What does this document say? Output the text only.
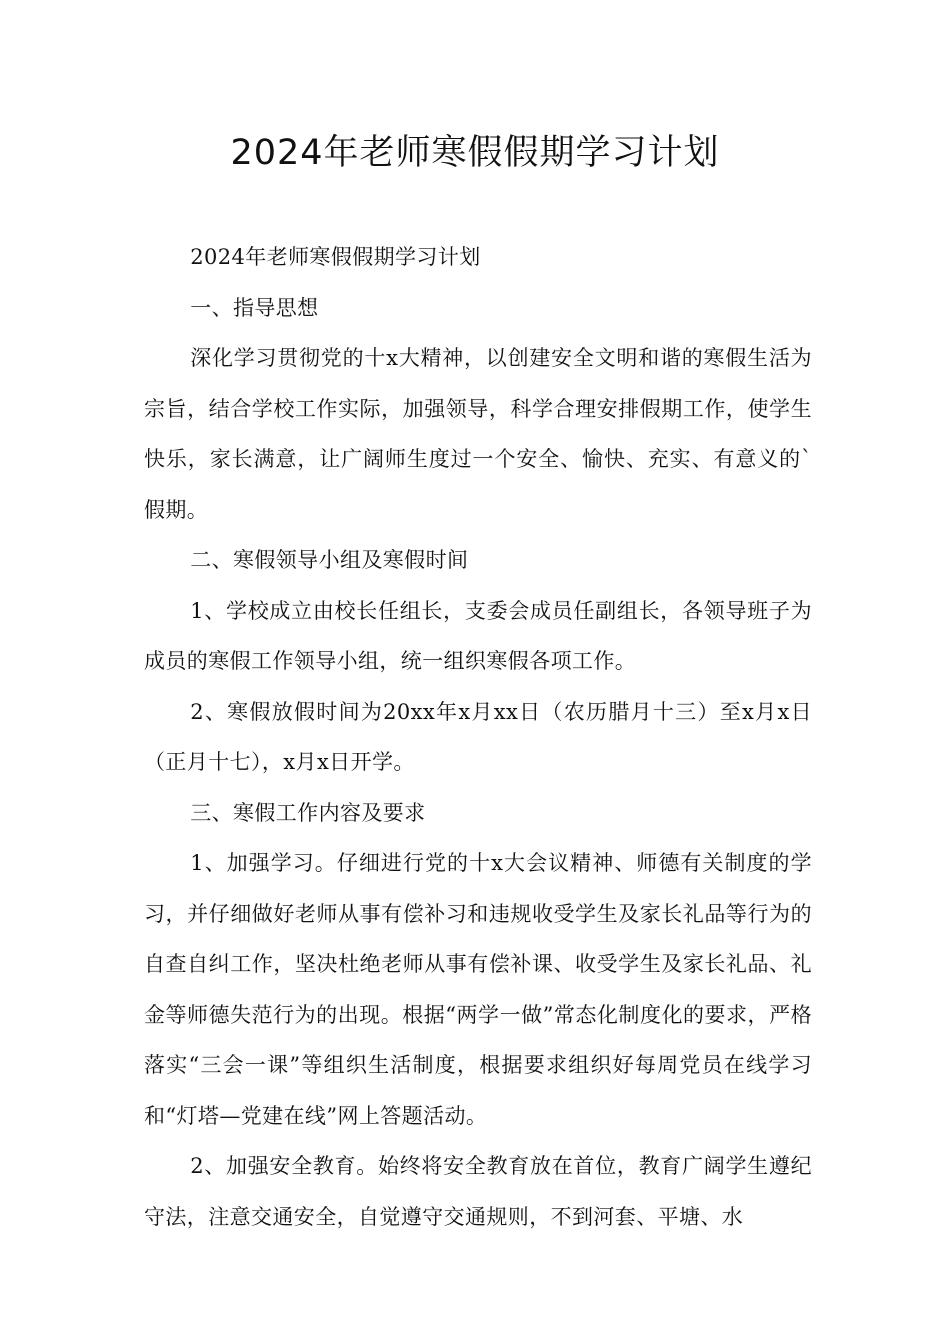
2024年老师寒假假期学习计划

2024年老师寒假假期学习计划

一、指导思想

深化学习贯彻党的十x大精神，以创建安全文明和谐的寒假生活为宗旨，结合学校工作实际，加强领导，科学合理安排假期工作，使学生快乐，家长满意，让广阔师生度过一个安全、愉快、充实、有意义的`假期。

二、寒假领导小组及寒假时间

1、学校成立由校长任组长，支委会成员任副组长，各领导班子为成员的寒假工作领导小组，统一组织寒假各项工作。

2、寒假放假时间为20xx年x月xx日（农历腊月十三）至x月x日（正月十七），x月x日开学。

三、寒假工作内容及要求

1、加强学习。仔细进行党的十x大会议精神、师德有关制度的学习，并仔细做好老师从事有偿补习和违规收受学生及家长礼品等行为的自查自纠工作，坚决杜绝老师从事有偿补课、收受学生及家长礼品、礼金等师德失范行为的出现。根据“两学一做”常态化制度化的要求，严格落实“三会一课”等组织生活制度，根据要求组织好每周党员在线学习和“灯塔—党建在线”网上答题活动。

2、加强安全教育。始终将安全教育放在首位，教育广阔学生遵纪守法，注意交通安全，自觉遵守交通规则，不到河套、平塘、水
